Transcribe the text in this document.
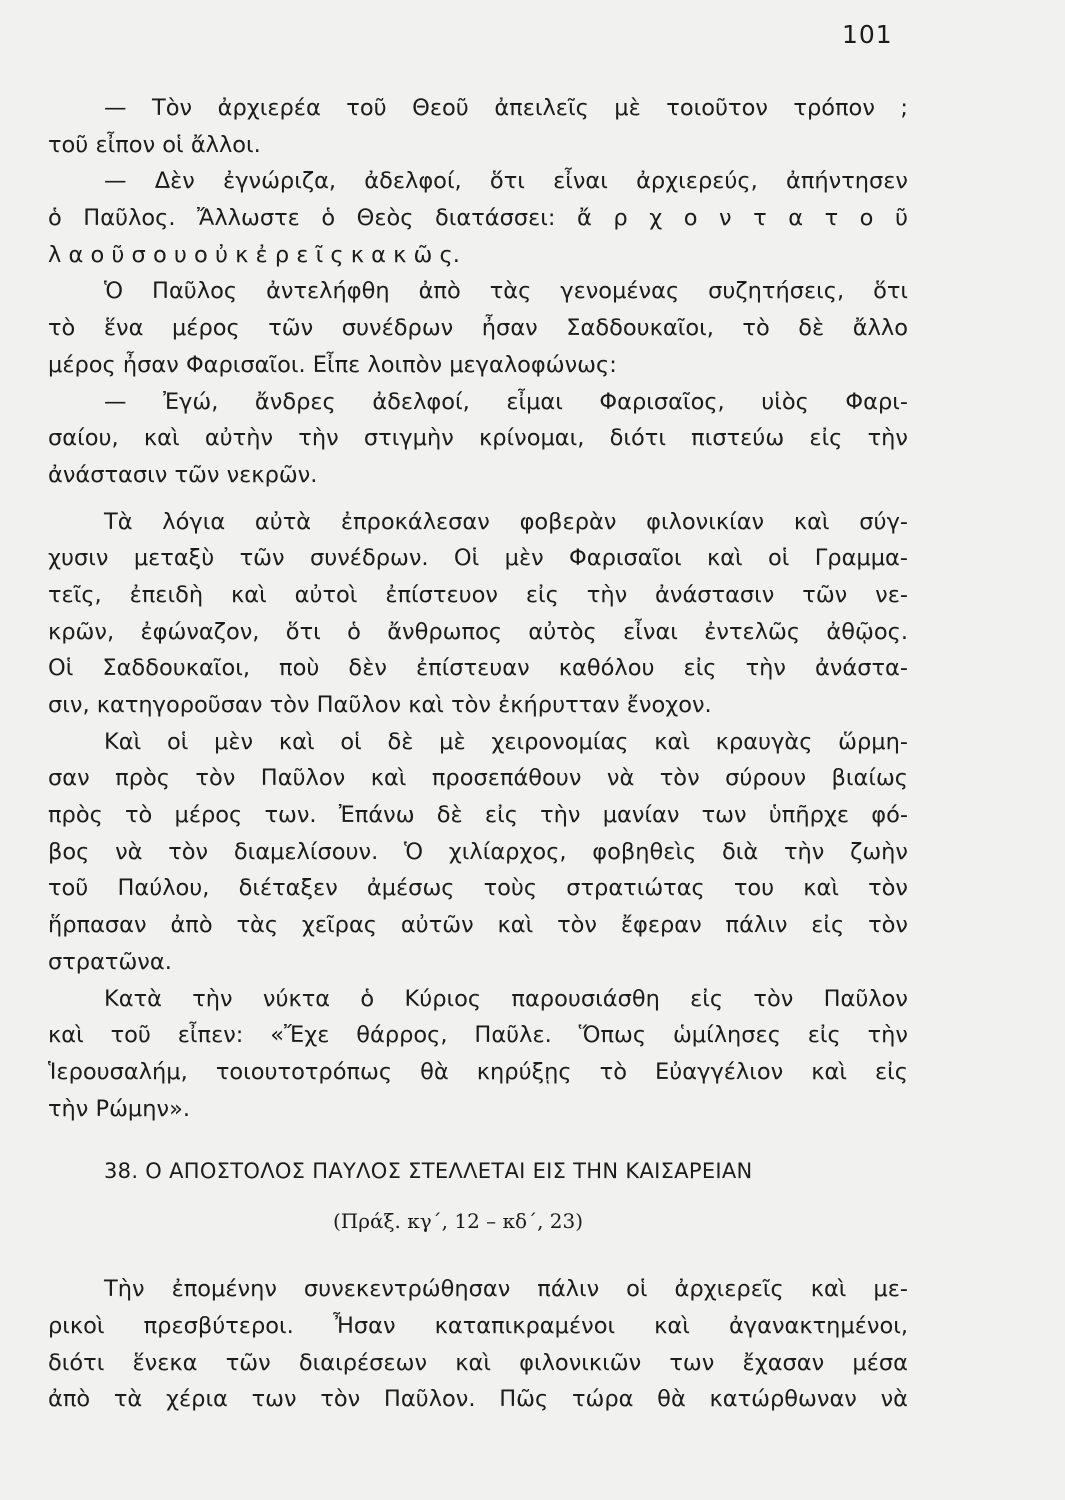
101
— Τὸν ἀρχιερέα τοῦ Θεοῦ ἀπειλεῖς μὲ τοιοῦτον τρόπον ;
τοῦ εἶπον οἱ ἄλλοι.
— Δὲν ἐγνώριζα, ἀδελφοί, ὅτι εἶναι ἀρχιερεύς, ἀπήντησεν
ὁ Παῦλος. Ἄλλωστε ὁ Θεὸς διατάσσει: ἄ ρ χ ο ν τ α τ ο ῦ
λ α ο ῦ σ ο υ ο ὐ κ ἐ ρ ε ῖ ς κ α κ ῶ ς.
Ὁ Παῦλος ἀντελήφθη ἀπὸ τὰς γενομένας συζητήσεις, ὅτι
τὸ ἕνα μέρος τῶν συνέδρων ἦσαν Σαδδουκαῖοι, τὸ δὲ ἄλλο
μέρος ἦσαν Φαρισαῖοι. Εἶπε λοιπὸν μεγαλοφώνως:
— Ἐγώ, ἄνδρες ἀδελφοί, εἶμαι Φαρισαῖος, υἱὸς Φαρι-
σαίου, καὶ αὐτὴν τὴν στιγμὴν κρίνομαι, διότι πιστεύω εἰς τὴν
ἀνάστασιν τῶν νεκρῶν.
Τὰ λόγια αὐτὰ ἐπροκάλεσαν φοβερὰν φιλονικίαν καὶ σύγ-
χυσιν μεταξὺ τῶν συνέδρων. Οἱ μὲν Φαρισαῖοι καὶ οἱ Γραμμα-
τεῖς, ἐπειδὴ καὶ αὐτοὶ ἐπίστευον εἰς τὴν ἀνάστασιν τῶν νε-
κρῶν, ἐφώναζον, ὅτι ὁ ἄνθρωπος αὐτὸς εἶναι ἐντελῶς ἀθῷος.
Οἱ Σαδδουκαῖοι, ποὺ δὲν ἐπίστευαν καθόλου εἰς τὴν ἀνάστα-
σιν, κατηγοροῦσαν τὸν Παῦλον καὶ τὸν ἐκήρυτταν ἔνοχον.
Καὶ οἱ μὲν καὶ οἱ δὲ μὲ χειρονομίας καὶ κραυγὰς ὥρμη-
σαν πρὸς τὸν Παῦλον καὶ προσεπάθουν νὰ τὸν σύρουν βιαίως
πρὸς τὸ μέρος των. Ἐπάνω δὲ εἰς τὴν μανίαν των ὑπῆρχε φό-
βος νὰ τὸν διαμελίσουν. Ὁ χιλίαρχος, φοβηθεὶς διὰ τὴν ζωὴν
τοῦ Παύλου, διέταξεν ἀμέσως τοὺς στρατιώτας του καὶ τὸν
ἥρπασαν ἀπὸ τὰς χεῖρας αὐτῶν καὶ τὸν ἔφεραν πάλιν εἰς τὸν
στρατῶνα.
Κατὰ τὴν νύκτα ὁ Κύριος παρουσιάσθη εἰς τὸν Παῦλον
καὶ τοῦ εἶπεν: «Ἔχε θάρρος, Παῦλε. Ὅπως ὡμίλησες εἰς τὴν
Ἱερουσαλήμ, τοιουτοτρόπως θὰ κηρύξῃς τὸ Εὐαγγέλιον καὶ εἰς
τὴν Ρώμην».
38. Ο ΑΠΟΣΤΟΛΟΣ ΠΑΥΛΟΣ ΣΤΕΛΛΕΤΑΙ ΕΙΣ ΤΗΝ ΚΑΙΣΑΡΕΙΑΝ
(Πράξ. κγ΄, 12 – κδ΄, 23)
Τὴν ἐπομένην συνεκεντρώθησαν πάλιν οἱ ἀρχιερεῖς καὶ με-
ρικοὶ πρεσβύτεροι. Ἦσαν καταπικραμένοι καὶ ἀγανακτημένοι,
διότι ἕνεκα τῶν διαιρέσεων καὶ φιλονικιῶν των ἔχασαν μέσα
ἀπὸ τὰ χέρια των τὸν Παῦλον. Πῶς τώρα θὰ κατώρθωναν νὰ
